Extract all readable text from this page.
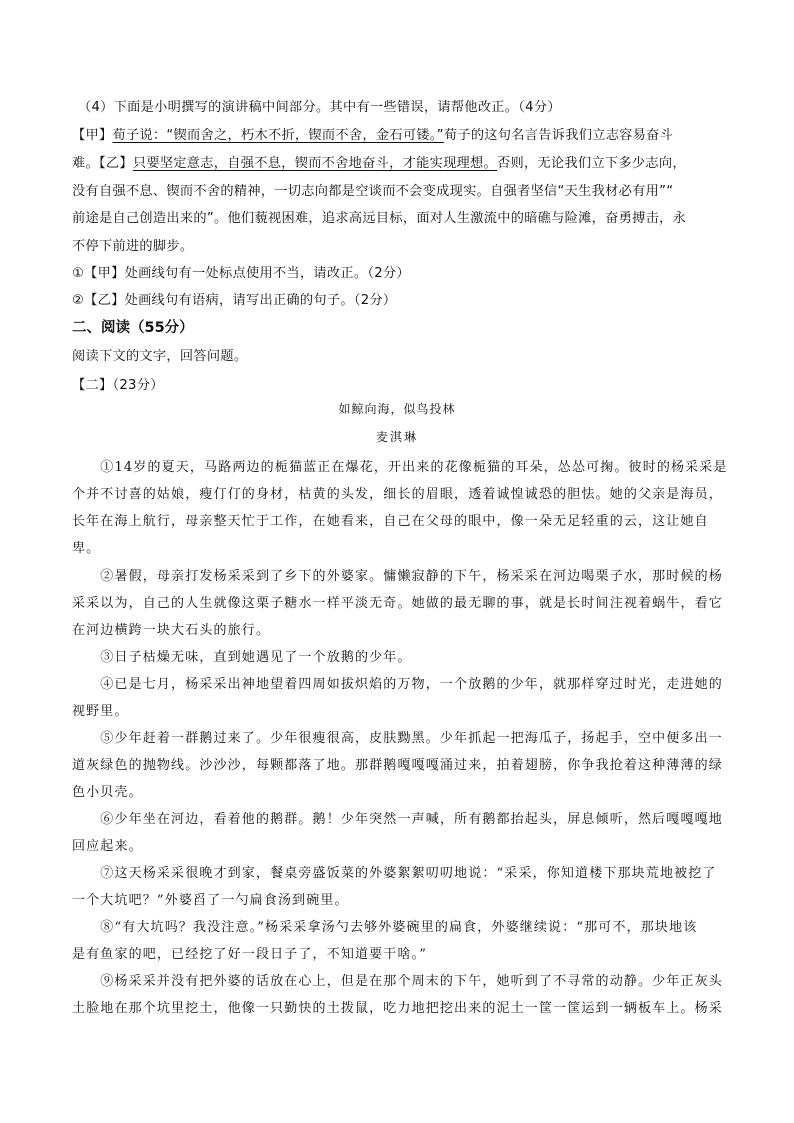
（4）下面是小明撰写的演讲稿中间部分。其中有一些错误，请帮他改正。（4分）
【甲】荀子说：“锲而舍之，朽木不折，锲而不舍，金石可镂。”荀子的这句名言告诉我们立志容易奋斗
难。【乙】只要坚定意志，自强不息，锲而不舍地奋斗，才能实现理想。否则，无论我们立下多少志向，
没有自强不息、锲而不舍的精神，一切志向都是空谈而不会变成现实。自强者坚信“天生我材必有用”“
前途是自己创造出来的”。他们藐视困难，追求高远目标，面对人生激流中的暗礁与险滩，奋勇搏击，永
不停下前进的脚步。
①【甲】处画线句有一处标点使用不当，请改正。（2分）
②【乙】处画线句有语病，请写出正确的句子。（2分）
二、阅读（55分）
阅读下文的文字，回答问题。
【二】（23分）
如鲸向海，似鸟投林
麦淇琳
　　①14岁的夏天，马路两边的栀猫蓝正在爆花，开出来的花像栀猫的耳朵，怂怂可掬。彼时的杨采采是
个并不讨喜的姑娘，瘦仃仃的身材，枯黄的头发，细长的眉眼，透着诚惶诚恐的胆怯。她的父亲是海员，
长年在海上航行，母亲整天忙于工作，在她看来，自己在父母的眼中，像一朵无足轻重的云，这让她自
卑。
　　②暑假，母亲打发杨采采到了乡下的外婆家。慵懒寂静的下午，杨采采在河边喝栗子水，那时候的杨
采采以为，自己的人生就像这栗子糖水一样平淡无奇。她做的最无聊的事，就是长时间注视着蜗牛，看它
在河边横跨一块大石头的旅行。
　　③日子枯燥无味，直到她遇见了一个放鹅的少年。
　　④已是七月，杨采采出神地望着四周如拔炽焰的万物，一个放鹅的少年，就那样穿过时光，走进她的
视野里。
　　⑤少年赶着一群鹅过来了。少年很瘦很高，皮肤黝黑。少年抓起一把海瓜子，扬起手，空中便多出一
道灰绿色的抛物线。沙沙沙，每颗都落了地。那群鹅嘎嘎嘎涌过来，拍着翅膀，你争我抢着这种薄薄的绿
色小贝壳。
　　⑥少年坐在河边，看着他的鹅群。鹅！少年突然一声喊，所有鹅都抬起头，屏息倾听，然后嘎嘎嘎地
回应起来。
　　⑦这天杨采采很晚才到家，餐桌旁盛饭菜的外婆絮絮叨叨地说：“采采，你知道楼下那块荒地被挖了
一个大坑吧？”外婆舀了一勺扁食汤到碗里。
　　⑧“有大坑吗？我没注意。”杨采采拿汤勺去够外婆碗里的扁食，外婆继续说：“那可不，那块地该
是有鱼家的吧，已经挖了好一段日子了，不知道要干啥。”
　　⑨杨采采并没有把外婆的话放在心上，但是在那个周末的下午，她听到了不寻常的动静。少年正灰头
土脸地在那个坑里挖土，他像一只勤快的土拨鼠，吃力地把挖出来的泥土一筐一筐运到一辆板车上。杨采
